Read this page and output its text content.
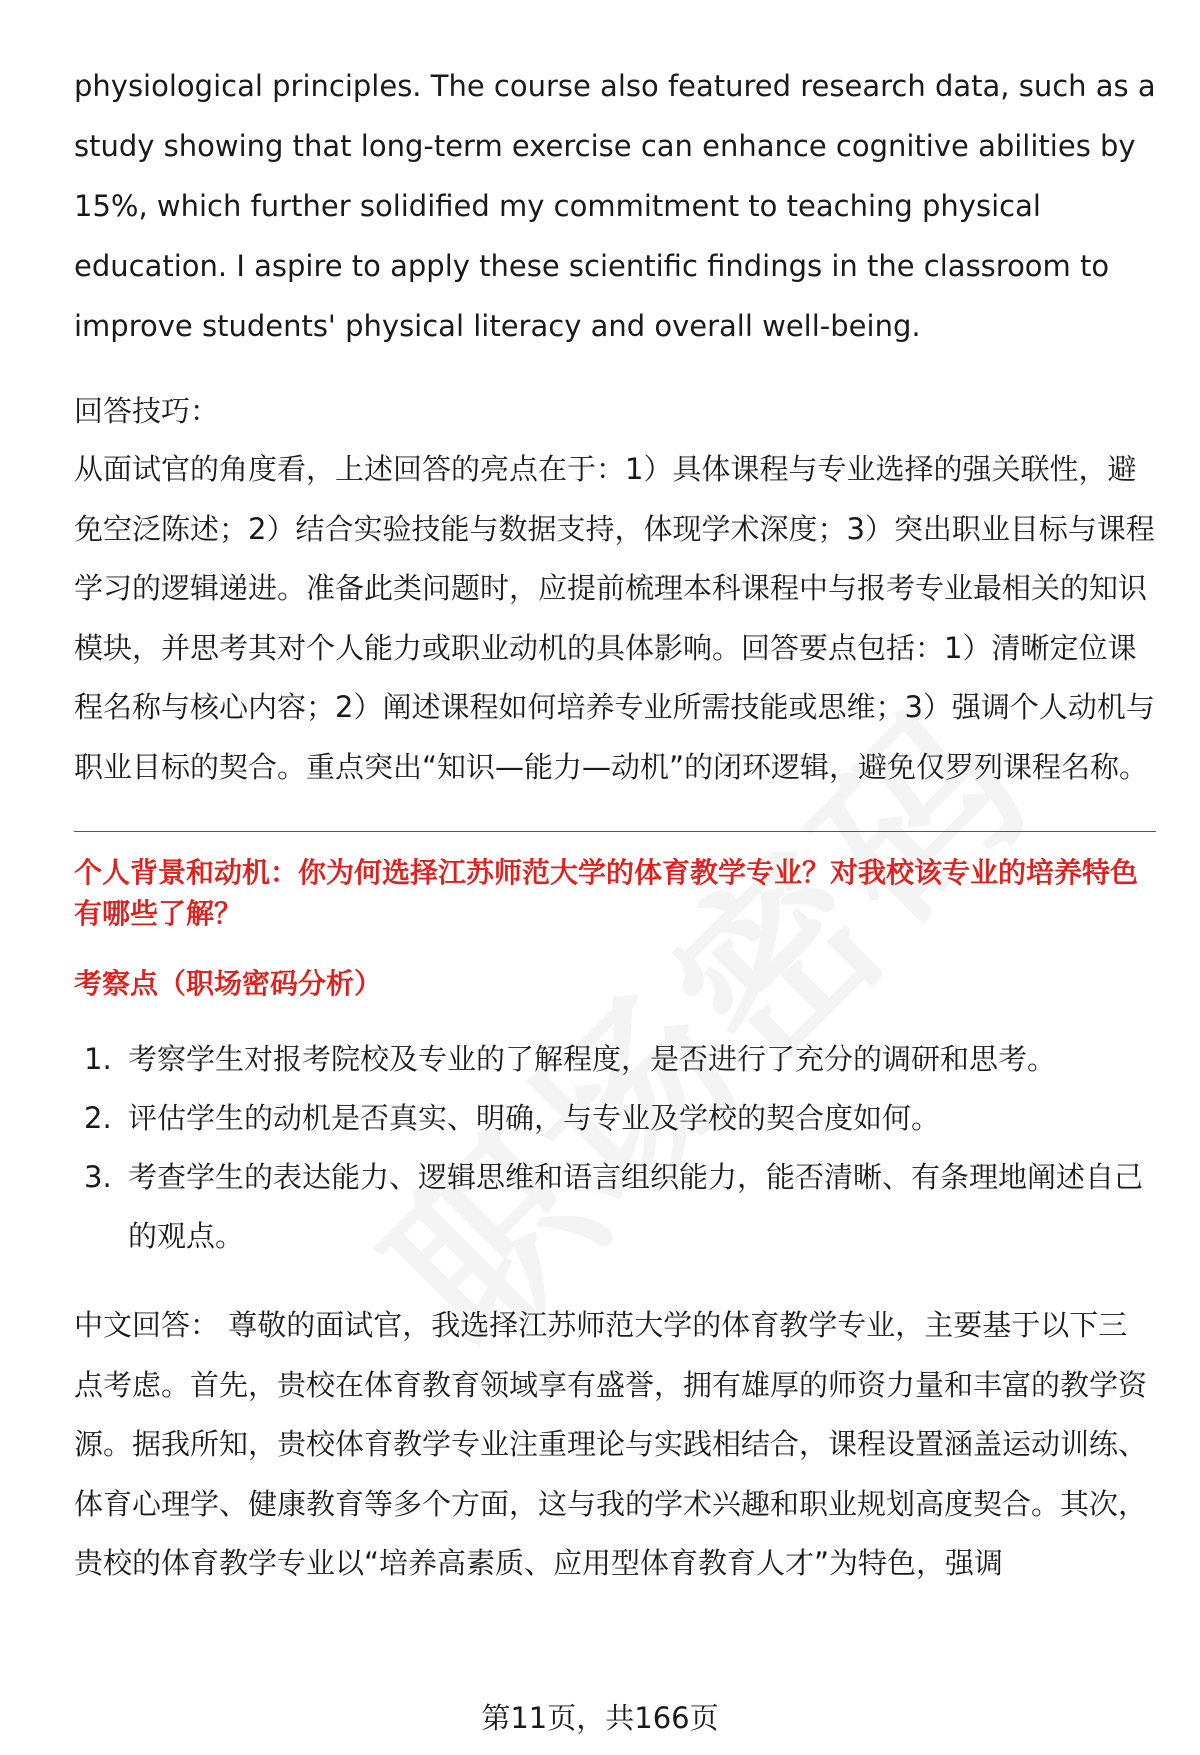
physiological principles. The course also featured research data, such as a study showing that long-term exercise can enhance cognitive abilities by 15%, which further solidified my commitment to teaching physical education. I aspire to apply these scientific findings in the classroom to improve students' physical literacy and overall well-being.

回答技巧：

从面试官的角度看，上述回答的亮点在于：1）具体课程与专业选择的强关联性，避免空泛陈述；2）结合实验技能与数据支持，体现学术深度；3）突出职业目标与课程学习的逻辑递进。准备此类问题时，应提前梳理本科课程中与报考专业最相关的知识模块，并思考其对个人能力或职业动机的具体影响。回答要点包括：1）清晰定位课程名称与核心内容；2）阐述课程如何培养专业所需技能或思维；3）强调个人动机与职业目标的契合。重点突出“知识—能力—动机”的闭环逻辑，避免仅罗列课程名称。

个人背景和动机：你为何选择江苏师范大学的体育教学专业？对我校该专业的培养特色有哪些了解？

考察点（职场密码分析）

1. 考察学生对报考院校及专业的了解程度，是否进行了充分的调研和思考。
2. 评估学生的动机是否真实、明确，与专业及学校的契合度如何。
3. 考查学生的表达能力、逻辑思维和语言组织能力，能否清晰、有条理地阐述自己的观点。

中文回答： 尊敬的面试官，我选择江苏师范大学的体育教学专业，主要基于以下三点考虑。首先，贵校在体育教育领域享有盛誉，拥有雄厚的师资力量和丰富的教学资源。据我所知，贵校体育教学专业注重理论与实践相结合，课程设置涵盖运动训练、体育心理学、健康教育等多个方面，这与我的学术兴趣和职业规划高度契合。其次，贵校的体育教学专业以“培养高素质、应用型体育教育人才”为特色，强调

第11页，共166页
